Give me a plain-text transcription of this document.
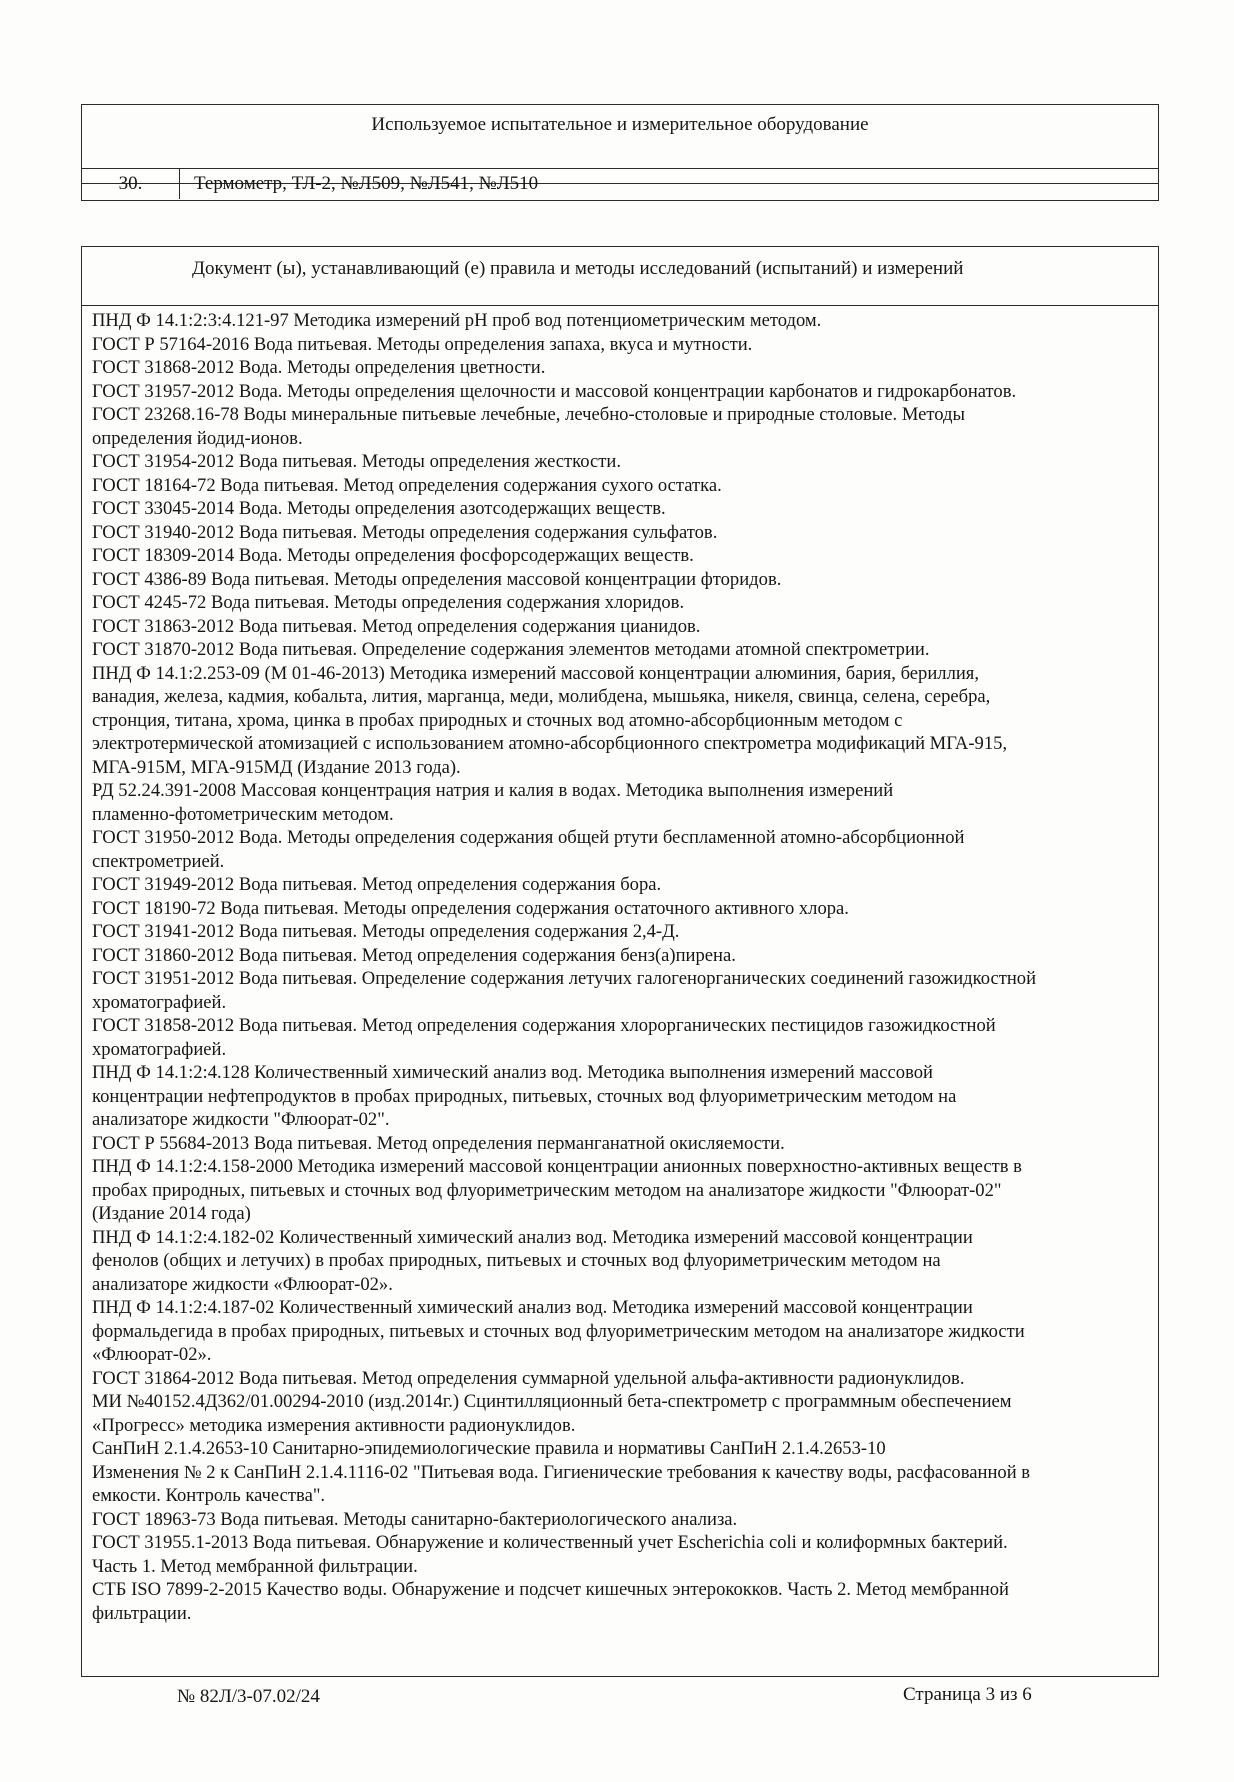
Используемое испытательное и измерительное оборудование
30.	Термометр, ТЛ-2, №Л509, №Л541, №Л510
Документ (ы), устанавливающий (е) правила и методы исследований (испытаний) и измерений

ПНД Ф 14.1:2:3:4.121-97 Методика измерений рН проб вод потенциометрическим методом.

ГОСТ Р 57164-2016 Вода питьевая. Методы определения запаха, вкуса и мутности.

ГОСТ 31868-2012 Вода. Методы определения цветности.

ГОСТ 31957-2012 Вода. Методы определения щелочности и массовой концентрации карбонатов и гидрокарбонатов.

ГОСТ 23268.16-78 Воды минеральные питьевые лечебные, лечебно-столовые и природные столовые. Методы

определения йодид-ионов.

ГОСТ 31954-2012 Вода питьевая. Методы определения жесткости.

ГОСТ 18164-72 Вода питьевая. Метод определения содержания сухого остатка.

ГОСТ 33045-2014 Вода. Методы определения азотсодержащих веществ.

ГОСТ 31940-2012 Вода питьевая. Методы определения содержания сульфатов.

ГОСТ 18309-2014 Вода. Методы определения фосфорсодержащих веществ.

ГОСТ 4386-89 Вода питьевая. Методы определения массовой концентрации фторидов.

ГОСТ 4245-72 Вода питьевая. Методы определения содержания хлоридов.

ГОСТ 31863-2012 Вода питьевая. Метод определения содержания цианидов.

ГОСТ 31870-2012 Вода питьевая. Определение содержания элементов методами атомной спектрометрии.

ПНД Ф 14.1:2.253-09 (М 01-46-2013) Методика измерений массовой концентрации алюминия, бария, бериллия,

ванадия, железа, кадмия, кобальта, лития, марганца, меди, молибдена, мышьяка, никеля, свинца, селена, серебра,

стронция, титана, хрома, цинка в пробах природных и сточных вод атомно-абсорбционным методом с

электротермической атомизацией с использованием атомно-абсорбционного спектрометра модификаций МГА-915,

МГА-915М, МГА-915МД (Издание 2013 года).

РД 52.24.391-2008 Массовая концентрация натрия и калия в водах. Методика выполнения измерений

пламенно-фотометрическим методом.

ГОСТ 31950-2012 Вода. Методы определения содержания общей ртути беспламенной атомно-абсорбционной

спектрометрией.

ГОСТ 31949-2012 Вода питьевая. Метод определения содержания бора.

ГОСТ 18190-72 Вода питьевая. Методы определения содержания остаточного активного хлора.

ГОСТ 31941-2012 Вода питьевая. Методы определения содержания 2,4-Д.

ГОСТ 31860-2012 Вода питьевая. Метод определения содержания бенз(а)пирена.

ГОСТ 31951-2012 Вода питьевая. Определение содержания летучих галогенорганических соединений газожидкостной

хроматографией.

ГОСТ 31858-2012 Вода питьевая. Метод определения содержания хлорорганических пестицидов газожидкостной

хроматографией.

ПНД Ф 14.1:2:4.128 Количественный химический анализ вод. Методика выполнения измерений массовой

концентрации нефтепродуктов в пробах природных, питьевых, сточных вод флуориметрическим методом на

анализаторе жидкости "Флюорат-02".

ГОСТ Р 55684-2013 Вода питьевая. Метод определения перманганатной окисляемости.

ПНД Ф 14.1:2:4.158-2000 Методика измерений массовой концентрации анионных поверхностно-активных веществ в

пробах природных, питьевых и сточных вод флуориметрическим методом на анализаторе жидкости "Флюорат-02"

(Издание 2014 года)

ПНД Ф 14.1:2:4.182-02 Количественный химический анализ вод. Методика измерений массовой концентрации

фенолов (общих и летучих) в пробах природных, питьевых и сточных вод флуориметрическим методом на

анализаторе жидкости «Флюорат-02».

ПНД Ф 14.1:2:4.187-02 Количественный химический анализ вод. Методика измерений массовой концентрации

формальдегида в пробах природных, питьевых и сточных вод флуориметрическим методом на анализаторе жидкости

«Флюорат-02».

ГОСТ 31864-2012 Вода питьевая. Метод определения суммарной удельной альфа-активности радионуклидов.

МИ №40152.4Д362/01.00294-2010 (изд.2014г.) Сцинтилляционный бета-спектрометр с программным обеспечением

«Прогресс» методика измерения активности радионуклидов.

СанПиН 2.1.4.2653-10 Санитарно-эпидемиологические правила и нормативы СанПиН 2.1.4.2653-10

Изменения № 2 к СанПиН 2.1.4.1116-02 "Питьевая вода. Гигиенические требования к качеству воды, расфасованной в

емкости. Контроль качества".

ГОСТ 18963-73 Вода питьевая. Методы санитарно-бактериологического анализа.

ГОСТ 31955.1-2013 Вода питьевая. Обнаружение и количественный учет Escherichia coli и колиформных бактерий.

Часть 1. Метод мембранной фильтрации.

СТБ ISO 7899-2-2015 Качество воды. Обнаружение и подсчет кишечных энтерококков. Часть 2. Метод мембранной

фильтрации.

№ 82Л/3-07.02/24	Страница 3 из 6
